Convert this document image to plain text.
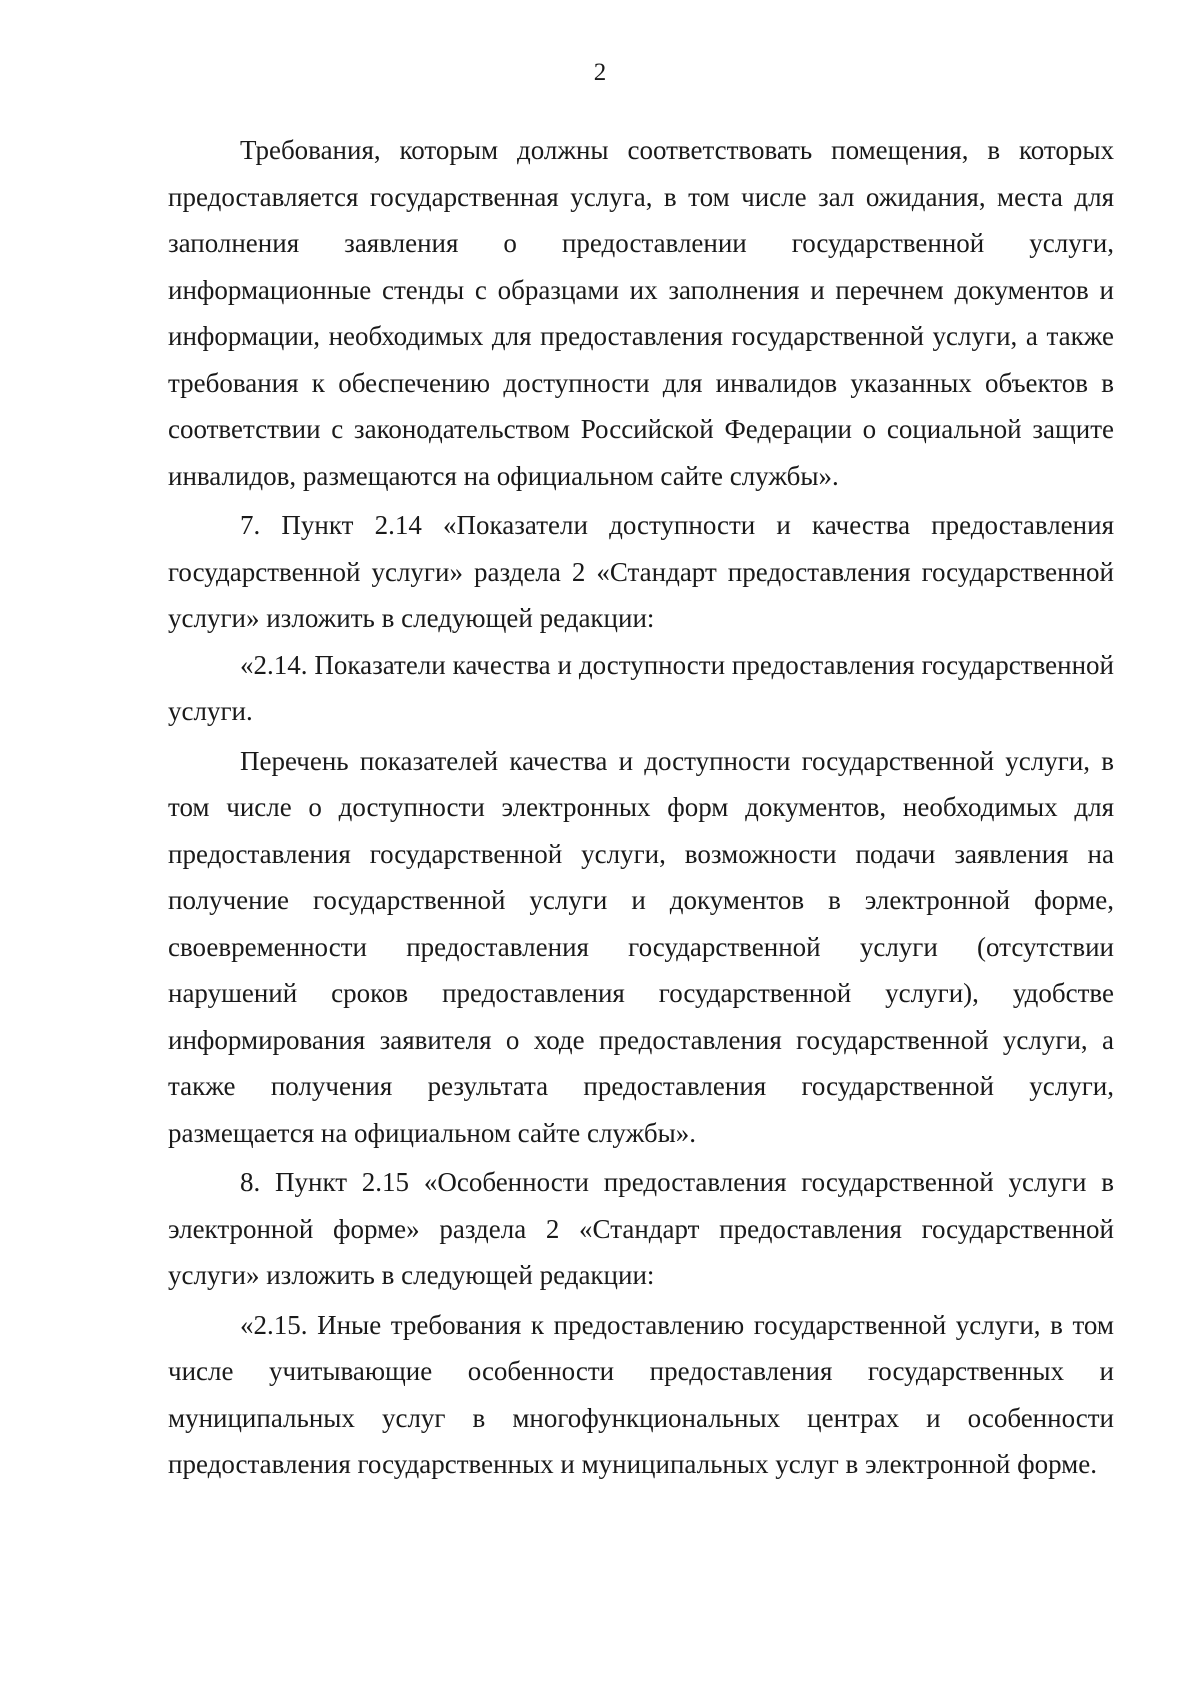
2

Требования, которым должны соответствовать помещения, в которых предоставляется государственная услуга, в том числе зал ожидания, места для заполнения заявления о предоставлении государственной услуги, информационные стенды с образцами их заполнения и перечнем документов и информации, необходимых для предоставления государственной услуги, а также требования к обеспечению доступности для инвалидов указанных объектов в соответствии с законодательством Российской Федерации о социальной защите инвалидов, размещаются на официальном сайте службы».

7. Пункт 2.14 «Показатели доступности и качества предоставления государственной услуги» раздела 2 «Стандарт предоставления государственной услуги» изложить в следующей редакции:

«2.14. Показатели качества и доступности предоставления государственной услуги.

Перечень показателей качества и доступности государственной услуги, в том числе о доступности электронных форм документов, необходимых для предоставления государственной услуги, возможности подачи заявления на получение государственной услуги и документов в электронной форме, своевременности предоставления государственной услуги (отсутствии нарушений сроков предоставления государственной услуги), удобстве информирования заявителя о ходе предоставления государственной услуги, а также получения результата предоставления государственной услуги, размещается на официальном сайте службы».

8. Пункт 2.15 «Особенности предоставления государственной услуги в электронной форме» раздела 2 «Стандарт предоставления государственной услуги» изложить в следующей редакции:

«2.15. Иные требования к предоставлению государственной услуги, в том числе учитывающие особенности предоставления государственных и муниципальных услуг в многофункциональных центрах и особенности предоставления государственных и муниципальных услуг в электронной форме.
